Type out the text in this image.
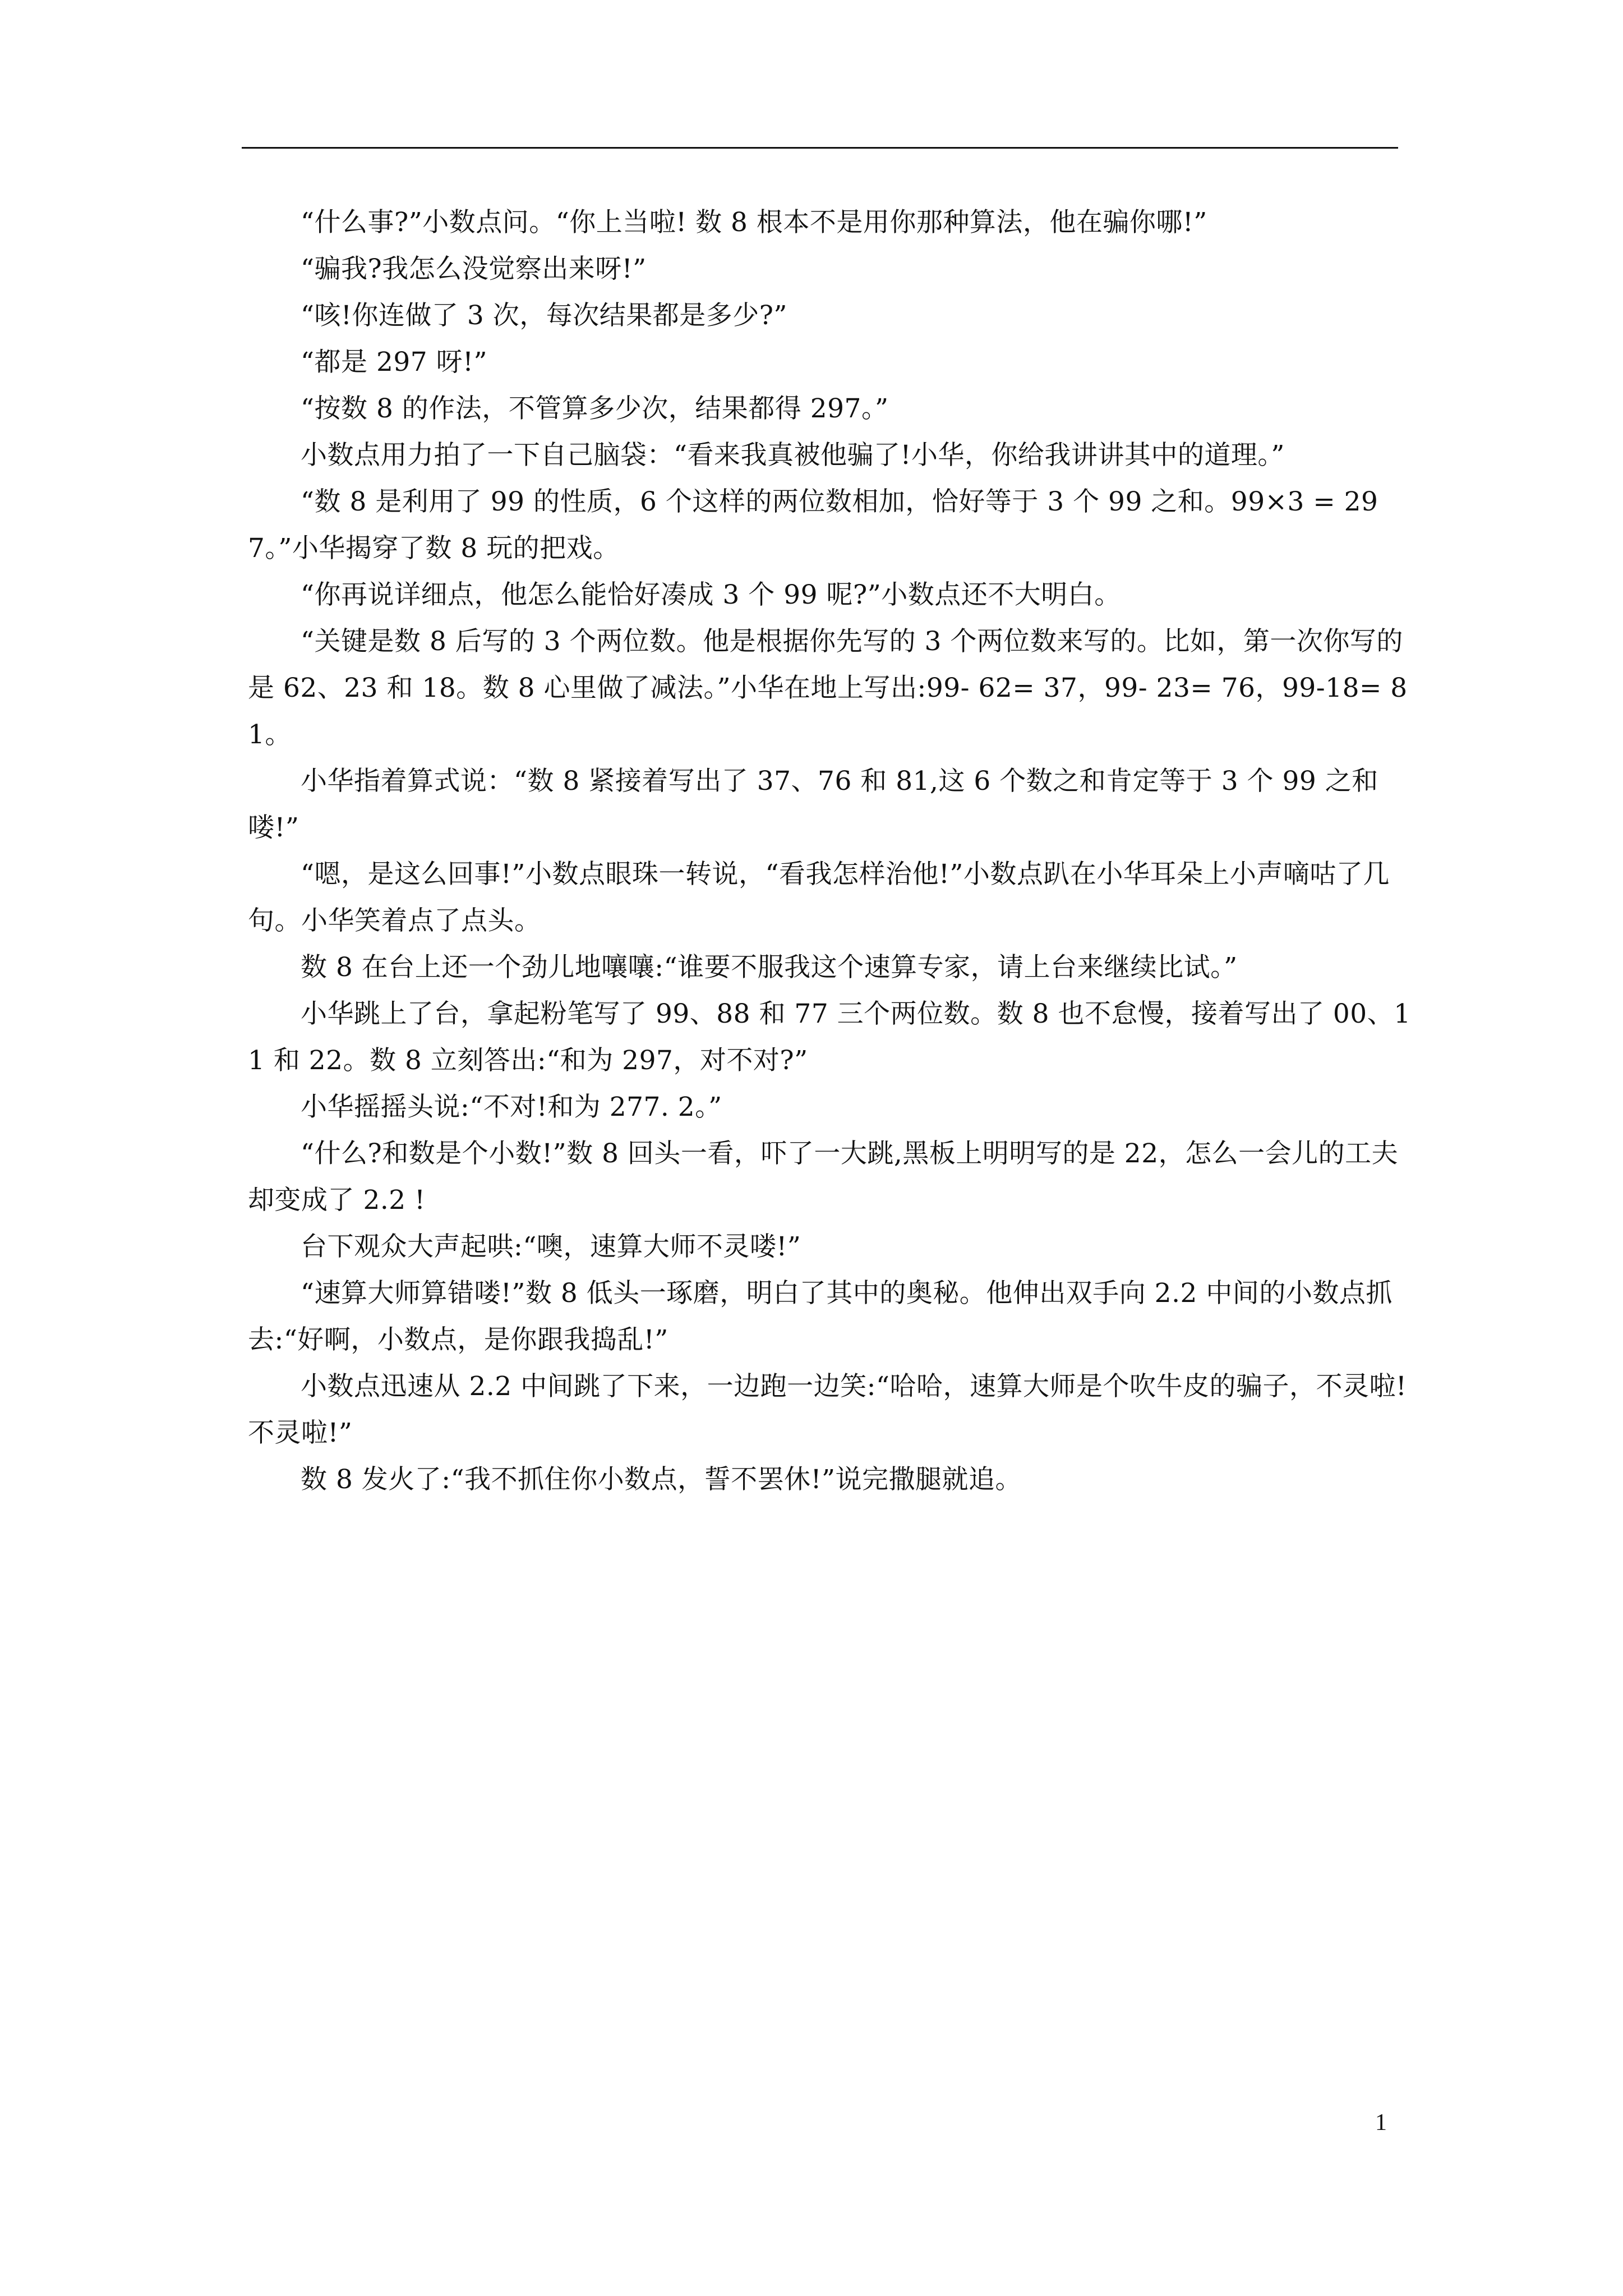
“什么事?”小数点问。“你上当啦! 数 8 根本不是用你那种算法，他在骗你哪!”

“骗我?我怎么没觉察出来呀!”

“咳!你连做了 3 次，每次结果都是多少?”

“都是 297 呀!”

“按数 8 的作法，不管算多少次，结果都得 297。”

小数点用力拍了一下自己脑袋：“看来我真被他骗了!小华，你给我讲讲其中的道理。”

“数 8 是利用了 99 的性质，6 个这样的两位数相加，恰好等于 3 个 99 之和。99×3 = 297。”小华揭穿了数 8 玩的把戏。

“你再说详细点，他怎么能恰好凑成 3 个 99 呢?”小数点还不大明白。

“关键是数 8 后写的 3 个两位数。他是根据你先写的 3 个两位数来写的。比如，第一次你写的是 62、23 和 18。数 8 心里做了减法。”小华在地上写出:99- 62= 37，99- 23= 76，99-18= 81。

小华指着算式说：“数 8 紧接着写出了 37、76 和 81,这 6 个数之和肯定等于 3 个 99 之和喽!”

“嗯，是这么回事!”小数点眼珠一转说，“看我怎样治他!”小数点趴在小华耳朵上小声嘀咕了几句。小华笑着点了点头。

数 8 在台上还一个劲儿地嚷嚷:“谁要不服我这个速算专家，请上台来继续比试。”

小华跳上了台，拿起粉笔写了 99、88 和 77 三个两位数。数 8 也不怠慢，接着写出了 00、11 和 22。数 8 立刻答出:“和为 297，对不对?”

小华摇摇头说:“不对!和为 277. 2。”

“什么?和数是个小数!”数 8 回头一看，吓了一大跳,黑板上明明写的是 22，怎么一会儿的工夫却变成了 2.2 !

台下观众大声起哄:“噢，速算大师不灵喽!”

“速算大师算错喽!”数 8 低头一琢磨，明白了其中的奥秘。他伸出双手向 2.2 中间的小数点抓去:“好啊，小数点，是你跟我捣乱!”

小数点迅速从 2.2 中间跳了下来，一边跑一边笑:“哈哈，速算大师是个吹牛皮的骗子，不灵啦!不灵啦!”

数 8 发火了:“我不抓住你小数点，誓不罢休!”说完撒腿就追。

1
